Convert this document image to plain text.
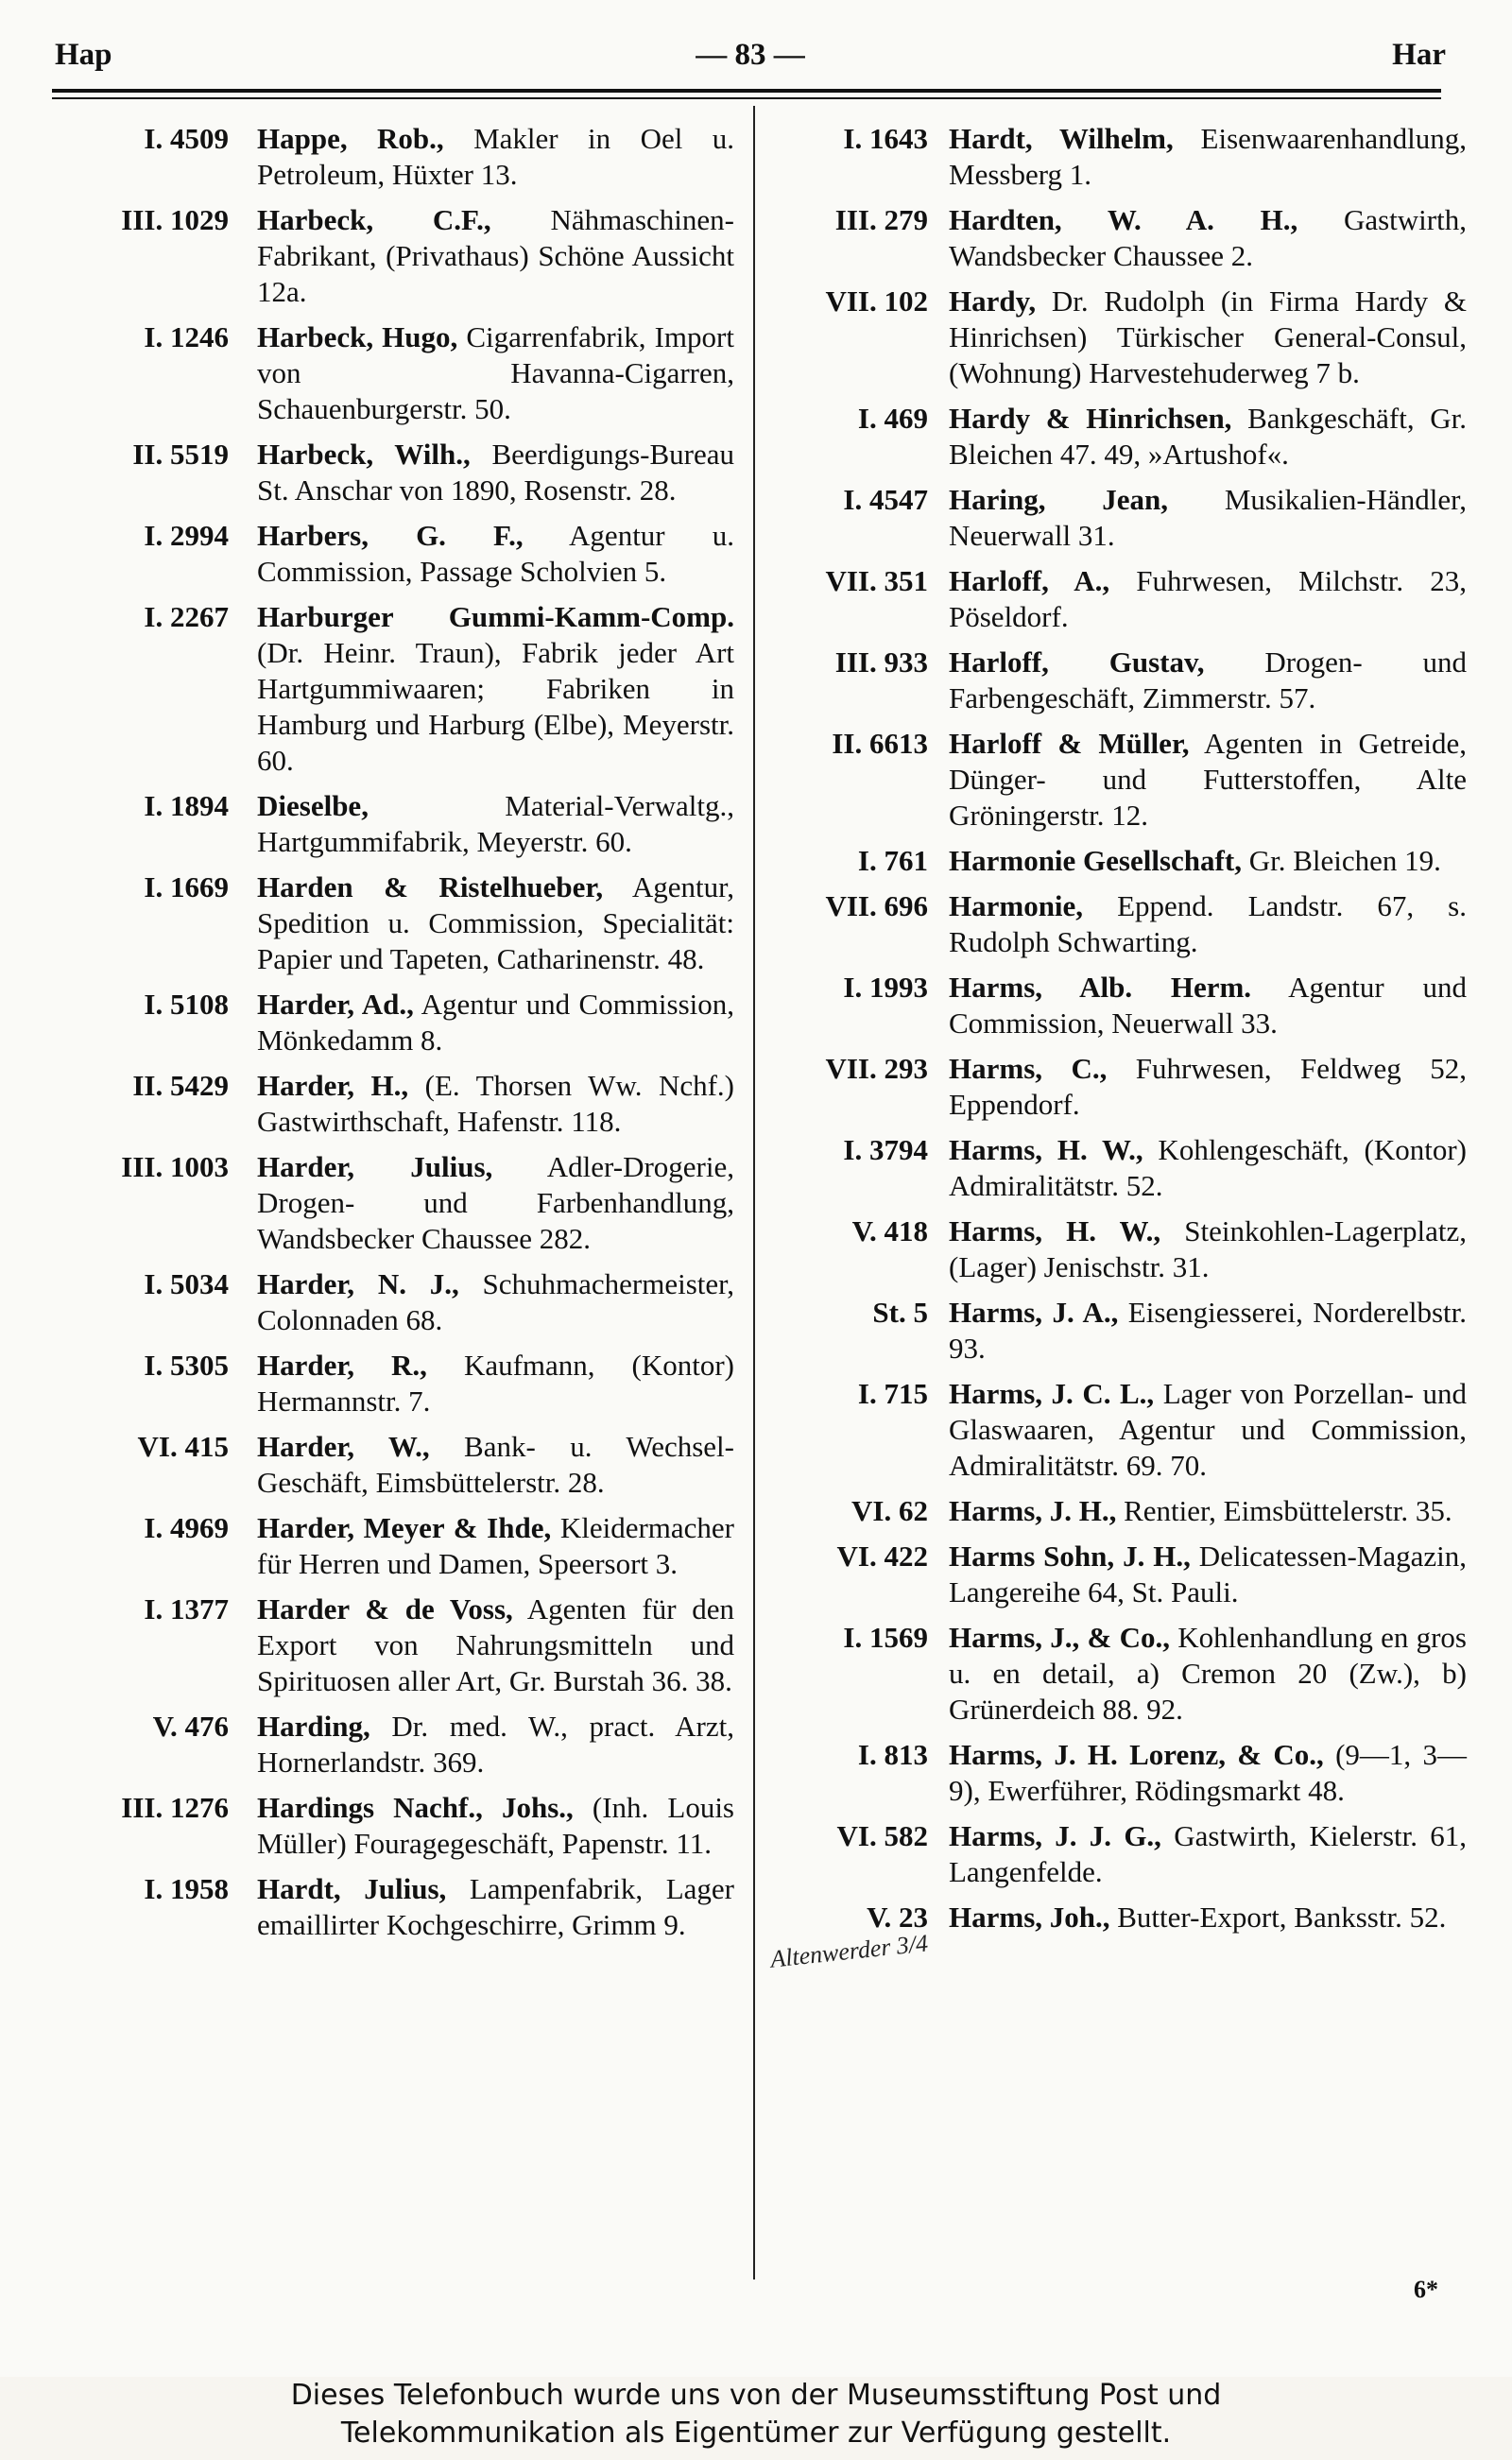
Hap	— 83 —	Har
I. 4509 Happe, Rob., Makler in Oel u. Petroleum, Hüxter 13.
III. 1029 Harbeck, C.F., Nähmaschinen-Fabrikant, (Privathaus) Schöne Aussicht 12a.
I. 1246 Harbeck, Hugo, Cigarrenfabrik, Import von Havanna-Cigarren, Schauenburgerstr. 50.
II. 5519 Harbeck, Wilh., Beerdigungs-Bureau St. Anschar von 1890, Rosenstr. 28.
I. 2994 Harbers, G. F., Agentur u. Commission, Passage Scholvien 5.
I. 2267 Harburger Gummi-Kamm-Comp. (Dr. Heinr. Traun), Fabrik jeder Art Hartgummiwaaren; Fabriken in Hamburg und Harburg (Elbe), Meyerstr. 60.
I. 1894 Dieselbe, Material-Verwaltg., Hartgummifabrik, Meyerstr. 60.
I. 1669 Harden & Ristelhueber, Agentur, Spedition u. Commission, Specialität: Papier und Tapeten, Catharinenstr. 48.
I. 5108 Harder, Ad., Agentur und Commission, Mönkedamm 8.
II. 5429 Harder, H., (E. Thorsen Ww. Nchf.) Gastwirthschaft, Hafenstr. 118.
III. 1003 Harder, Julius, Adler-Drogerie, Drogen- und Farbenhandlung, Wandsbecker Chaussee 282.
I. 5034 Harder, N. J., Schuhmachermeister, Colonnaden 68.
I. 5305 Harder, R., Kaufmann, (Kontor) Hermannstr. 7.
VI. 415 Harder, W., Bank- u. Wechsel-Geschäft, Eimsbüttelerstr. 28.
I. 4969 Harder, Meyer & Ihde, Kleidermacher für Herren und Damen, Speersort 3.
I. 1377 Harder & de Voss, Agenten für den Export von Nahrungsmitteln und Spirituosen aller Art, Gr. Burstah 36. 38.
V. 476 Harding, Dr. med. W., pract. Arzt, Hornerlandstr. 369.
III. 1276 Hardings Nachf., Johs., (Inh. Louis Müller) Fouragegeschäft, Papenstr. 11.
I. 1958 Hardt, Julius, Lampenfabrik, Lager emaillirter Kochgeschirre, Grimm 9.
I. 1643 Hardt, Wilhelm, Eisenwaarenhandlung, Messberg 1.
III. 279 Hardten, W. A. H., Gastwirth, Wandsbecker Chaussee 2.
VII. 102 Hardy, Dr. Rudolph (in Firma Hardy & Hinrichsen) Türkischer General-Consul, (Wohnung) Harvestehuderweg 7 b.
I. 469 Hardy & Hinrichsen, Bankgeschäft, Gr. Bleichen 47. 49, »Artushof«.
I. 4547 Haring, Jean, Musikalien-Händler, Neuerwall 31.
VII. 351 Harloff, A., Fuhrwesen, Milchstr. 23, Pöseldorf.
III. 933 Harloff, Gustav, Drogen- und Farbengeschäft, Zimmerstr. 57.
II. 6613 Harloff & Müller, Agenten in Getreide, Dünger- und Futterstoffen, Alte Gröningerstr. 12.
I. 761 Harmonie Gesellschaft, Gr. Bleichen 19.
VII. 696 Harmonie, Eppend. Landstr. 67, s. Rudolph Schwarting.
I. 1993 Harms, Alb. Herm. Agentur und Commission, Neuerwall 33.
VII. 293 Harms, C., Fuhrwesen, Feldweg 52, Eppendorf.
I. 3794 Harms, H. W., Kohlengeschäft, (Kontor) Admiralitätstr. 52.
V. 418 Harms, H. W., Steinkohlen-Lagerplatz, (Lager) Jenischstr. 31.
St. 5 Harms, J. A., Eisengiesserei, Norderelbstr. 93.
I. 715 Harms, J. C. L., Lager von Porzellan- und Glaswaaren, Agentur und Commission, Admiralitätstr. 69. 70.
VI. 62 Harms, J. H., Rentier, Eimsbüttelerstr. 35.
VI. 422 Harms Sohn, J. H., Delicatessen-Magazin, Langereihe 64, St. Pauli.
I. 1569 Harms, J., & Co., Kohlenhandlung en gros u. en detail, a) Cremon 20 (Zw.), b) Grünerdeich 88. 92.
I. 813 Harms, J. H. Lorenz, & Co., (9—1, 3—9), Ewerführer, Rödingsmarkt 48.
VI. 582 Harms, J. J. G., Gastwirth, Kielerstr. 61, Langenfelde.
V. 23 Harms, Joh., Butter-Export, Banksstr. 52.
Altenwerder 3/4
6*
Dieses Telefonbuch wurde uns von der Museumsstiftung Post und
Telekommunikation als Eigentümer zur Verfügung gestellt.
